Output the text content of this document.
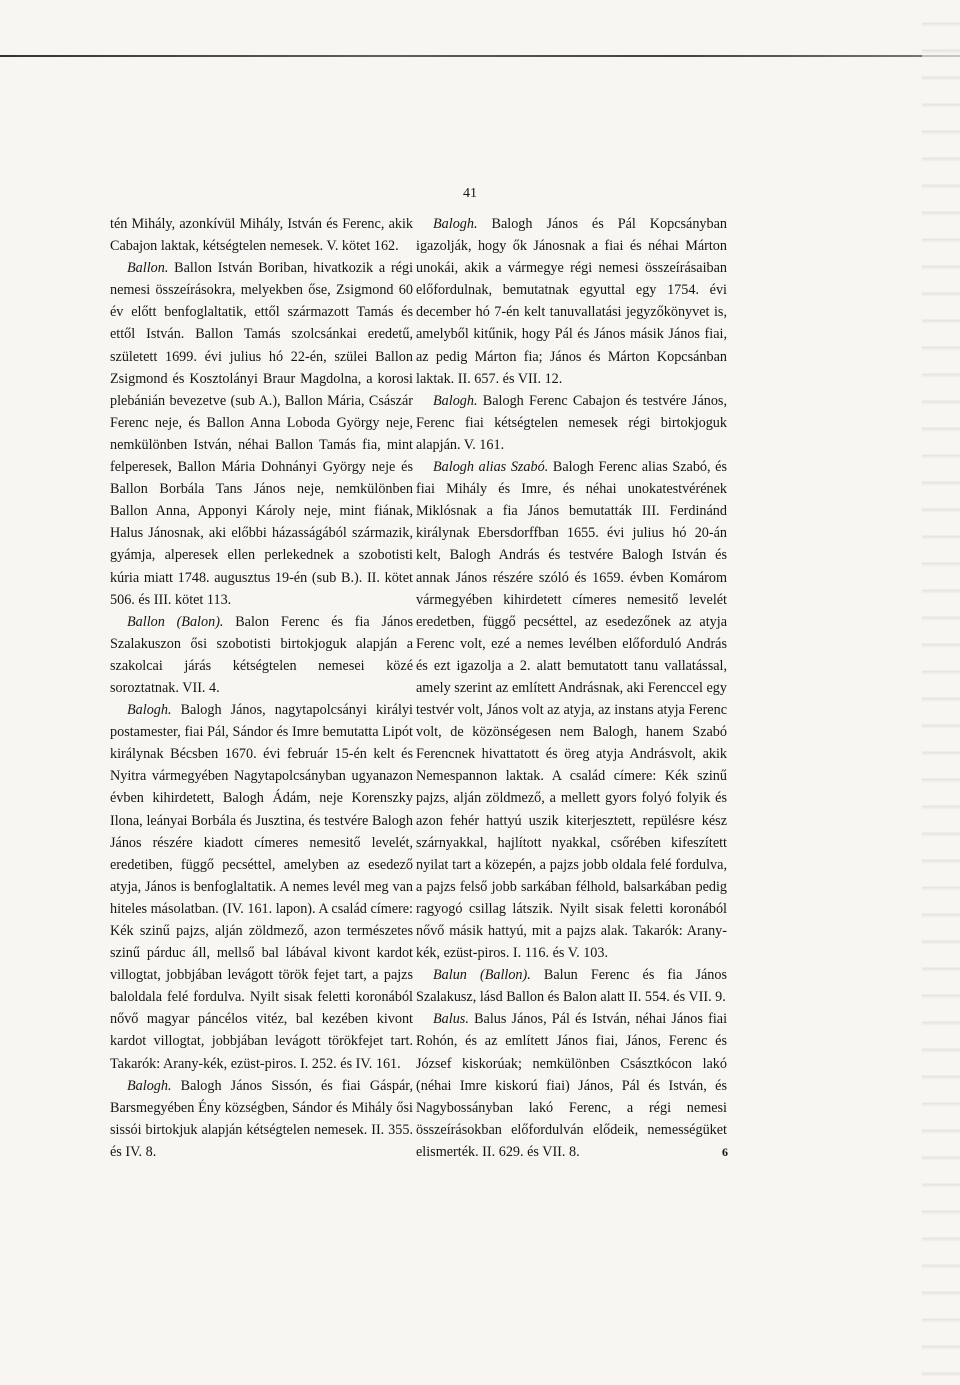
41

tén Mihály, azonkívül Mihály, István és Ferenc, akik Cabajon laktak, kétségtelen nemesek. V. kötet 162.

Ballon. Ballon István Boriban, hivatkozik a régi nemesi összeírásokra, melyekben őse, Zsigmond 60 év előtt benfoglaltatik, ettől származott Tamás és ettől István. Ballon Tamás szolcsánkai eredetű, született 1699. évi julius hó 22-én, szülei Ballon Zsigmond és Kosztolányi Braur Magdolna, a korosi plebánián bevezetve (sub A.), Ballon Mária, Császár Ferenc neje, és Ballon Anna Loboda György neje, nemkülönben István, néhai Ballon Tamás fia, mint felperesek, Ballon Mária Dohnányi György neje és Ballon Borbála Tans János neje, nemkülönben Ballon Anna, Apponyi Károly neje, mint fiának, Halus Jánosnak, aki előbbi házasságából származik, gyámja, alperesek ellen perlekednek a szobotisti kúria miatt 1748. augusztus 19-én (sub B.). II. kötet 506. és III. kötet 113.

Ballon (Balon). Balon Ferenc és fia János Szalakuszon ősi szobotisti birtokjoguk alapján a szakolcai járás kétségtelen nemesei közé soroztatnak. VII. 4.

Balogh. Balogh János, nagytapolcsányi királyi postamester, fiai Pál, Sándor és Imre bemutatta Lipót királynak Bécsben 1670. évi február 15-én kelt és Nyitra vármegyében Nagytapolcsányban ugyanazon évben kihirdetett, Balogh Ádám, neje Korenszky Ilona, leányai Borbála és Jusztina, és testvére Balogh János részére kiadott címeres nemesitő levelét, eredetiben, függő pecséttel, amelyben az esedező atyja, János is benfoglaltatik. A nemes levél meg van hiteles másolatban. (IV. 161. lapon). A család címere: Kék szinű pajzs, alján zöldmező, azon természetes szinű párduc áll, mellső bal lábával kivont kardot villogtat, jobbjában levágott török fejet tart, a pajzs baloldala felé fordulva. Nyilt sisak feletti koronából nővő magyar páncélos vitéz, bal kezében kivont kardot villogtat, jobbjában levágott törökfejet tart. Takarók: Arany-kék, ezüst-piros. I. 252. és IV. 161.

Balogh. Balogh János Sissón, és fiai Gáspár, Barsmegyében Ény községben, Sándor és Mihály ősi sissói birtokjuk alapján kétségtelen nemesek. II. 355. és IV. 8.

Balogh. Balogh János és Pál Kopcsányban igazolják, hogy ők Jánosnak a fiai és néhai Márton unokái, akik a vármegye régi nemesi összeírásaiban előfordulnak, bemutatnak egyuttal egy 1754. évi december hó 7-én kelt tanuvallatási jegyzőkönyvet is, amelyből kitűnik, hogy Pál és János másik János fiai, az pedig Márton fia; János és Márton Kopcsánban laktak. II. 657. és VII. 12.

Balogh. Balogh Ferenc Cabajon és testvére János, Ferenc fiai kétségtelen nemesek régi birtokjoguk alapján. V. 161.

Balogh alias Szabó. Balogh Ferenc alias Szabó, és fiai Mihály és Imre, és néhai unokatestvérének Miklósnak a fia János bemutatták III. Ferdinánd királynak Ebersdorffban 1655. évi julius hó 20-án kelt, Balogh András és testvére Balogh István és annak János részére szóló és 1659. évben Komárom vármegyében kihirdetett címeres nemesitő levelét eredetben, függő pecséttel, az esedezőnek az atyja Ferenc volt, ezé a nemes levélben előforduló András és ezt igazolja a 2. alatt bemutatott tanu vallatással, amely szerint az említett Andrásnak, aki Ferenccel egy testvér volt, János volt az atyja, az instans atyja Ferenc volt, de közönségesen nem Balogh, hanem Szabó Ferencnek hivattatott és öreg atyja Andrásvolt, akik Nemespannon laktak. A család címere: Kék szinű pajzs, alján zöldmező, a mellett gyors folyó folyik és azon fehér hattyú uszik kiterjesztett, repülésre kész szárnyakkal, hajlított nyakkal, csőrében kifeszített nyilat tart a közepén, a pajzs jobb oldala felé fordulva, a pajzs felső jobb sarkában félhold, balsarkában pedig ragyogó csillag látszik. Nyilt sisak feletti koronából nővő másik hattyú, mit a pajzs alak. Takarók: Arany-kék, ezüst-piros. I. 116. és V. 103.

Balun (Ballon). Balun Ferenc és fia János Szalakusz, lásd Ballon és Balon alatt II. 554. és VII. 9.

Balus. Balus János, Pál és István, néhai János fiai Rohón, és az említett János fiai, János, Ferenc és József kiskorúak; nemkülönben Császtkócon lakó (néhai Imre kiskorú fiai) János, Pál és István, és Nagybossányban lakó Ferenc, a régi nemesi összeírásokban előfordulván elődeik, nemességüket elismerték. II. 629. és VII. 8.	6
